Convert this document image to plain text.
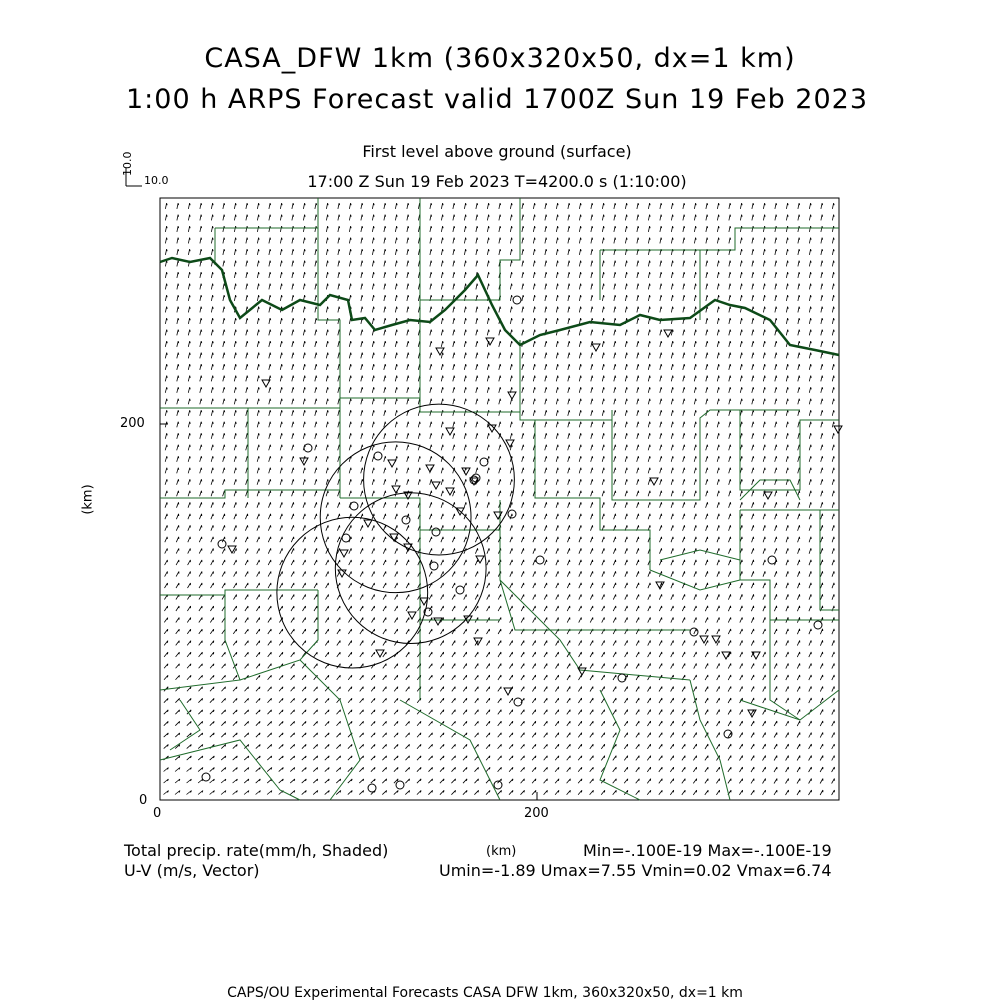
CASA_DFW 1km (360x320x50, dx=1 km)
1:00 h ARPS Forecast valid 1700Z Sun 19 Feb 2023
First level above ground (surface)
17:00 Z Sun 19 Feb 2023 T=4200.0 s (1:10:00)
10.0
10.0
0	200
0
200
(km)
(km)
Total precip. rate(mm/h, Shaded)	Min=-.100E-19 Max=-.100E-19
U-V (m/s, Vector)	Umin=-1.89 Umax=7.55 Vmin=0.02 Vmax=6.74
CAPS/OU Experimental Forecasts CASA DFW 1km, 360x320x50, dx=1 km
